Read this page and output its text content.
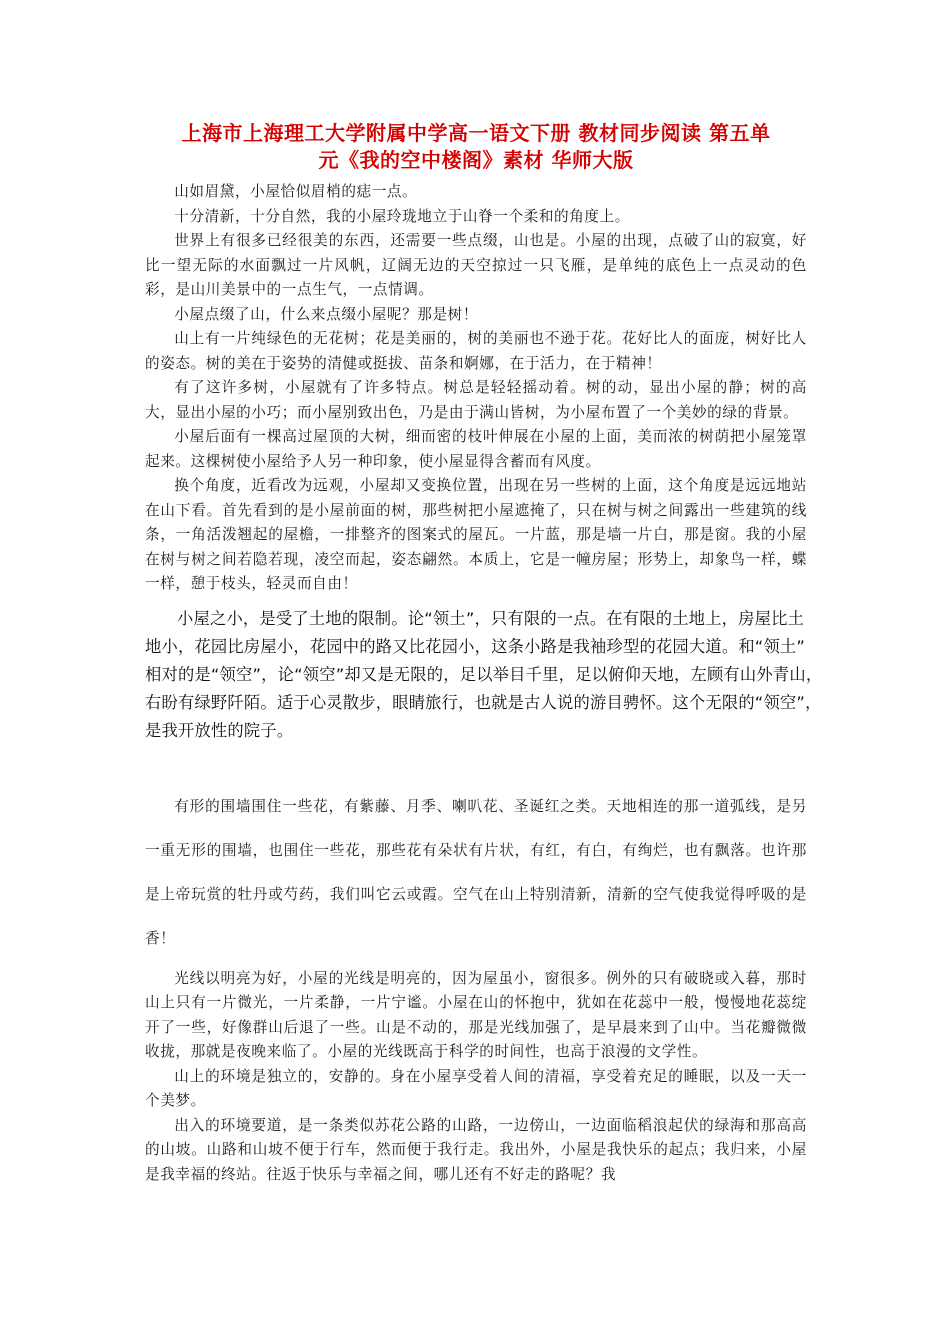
上海市上海理工大学附属中学高一语文下册 教材同步阅读 第五单
元《我的空中楼阁》素材 华师大版

山如眉黛，小屋恰似眉梢的痣一点。

十分清新，十分自然，我的小屋玲珑地立于山脊一个柔和的角度上。

世界上有很多已经很美的东西，还需要一些点缀，山也是。小屋的出现，点破了山的寂寞，好比一望无际的水面飘过一片风帆，辽阔无边的天空掠过一只飞雁，是单纯的底色上一点灵动的色彩，是山川美景中的一点生气，一点情调。

小屋点缀了山，什么来点缀小屋呢？那是树！

山上有一片纯绿色的无花树；花是美丽的，树的美丽也不逊于花。花好比人的面庞，树好比人的姿态。树的美在于姿势的清健或挺拔、苗条和婀娜，在于活力，在于精神！

有了这许多树，小屋就有了许多特点。树总是轻轻摇动着。树的动，显出小屋的静；树的高大，显出小屋的小巧；而小屋别致出色，乃是由于满山皆树，为小屋布置了一个美妙的绿的背景。

小屋后面有一棵高过屋顶的大树，细而密的枝叶伸展在小屋的上面，美而浓的树荫把小屋笼罩起来。这棵树使小屋给予人另一种印象，使小屋显得含蓄而有风度。

换个角度，近看改为远观，小屋却又变换位置，出现在另一些树的上面，这个角度是远远地站在山下看。首先看到的是小屋前面的树，那些树把小屋遮掩了，只在树与树之间露出一些建筑的线条，一角活泼翘起的屋檐，一排整齐的图案式的屋瓦。一片蓝，那是墙一片白，那是窗。我的小屋在树与树之间若隐若现，凌空而起，姿态翩然。本质上，它是一幢房屋；形势上，却象鸟一样，蝶一样，憩于枝头，轻灵而自由！

小屋之小，是受了土地的限制。论“领土”，只有限的一点。在有限的土地上，房屋比土
地小，花园比房屋小，花园中的路又比花园小，这条小路是我袖珍型的花园大道。和“领土”
相对的是“领空”，论“领空”却又是无限的，足以举目千里，足以俯仰天地，左顾有山外青山，
右盼有绿野阡陌。适于心灵散步，眼睛旅行，也就是古人说的游目骋怀。这个无限的“领空”，
是我开放性的院子。

有形的围墙围住一些花，有紫藤、月季、喇叭花、圣诞红之类。天地相连的那一道弧线，是另一重无形的围墙，也围住一些花，那些花有朵状有片状，有红，有白，有绚烂，也有飘落。也许那是上帝玩赏的牡丹或芍药，我们叫它云或霞。空气在山上特别清新，清新的空气使我觉得呼吸的是香！

光线以明亮为好，小屋的光线是明亮的，因为屋虽小，窗很多。例外的只有破晓或入暮，那时山上只有一片微光，一片柔静，一片宁谧。小屋在山的怀抱中，犹如在花蕊中一般，慢慢地花蕊绽开了一些，好像群山后退了一些。山是不动的，那是光线加强了，是早晨来到了山中。当花瓣微微收拢，那就是夜晚来临了。小屋的光线既高于科学的时间性，也高于浪漫的文学性。

山上的环境是独立的，安静的。身在小屋享受着人间的清福，享受着充足的睡眠，以及一天一个美梦。

出入的环境要道，是一条类似苏花公路的山路，一边傍山，一边面临稻浪起伏的绿海和那高高的山坡。山路和山坡不便于行车，然而便于我行走。我出外，小屋是我快乐的起点；我归来，小屋是我幸福的终站。往返于快乐与幸福之间，哪儿还有不好走的路呢？我
